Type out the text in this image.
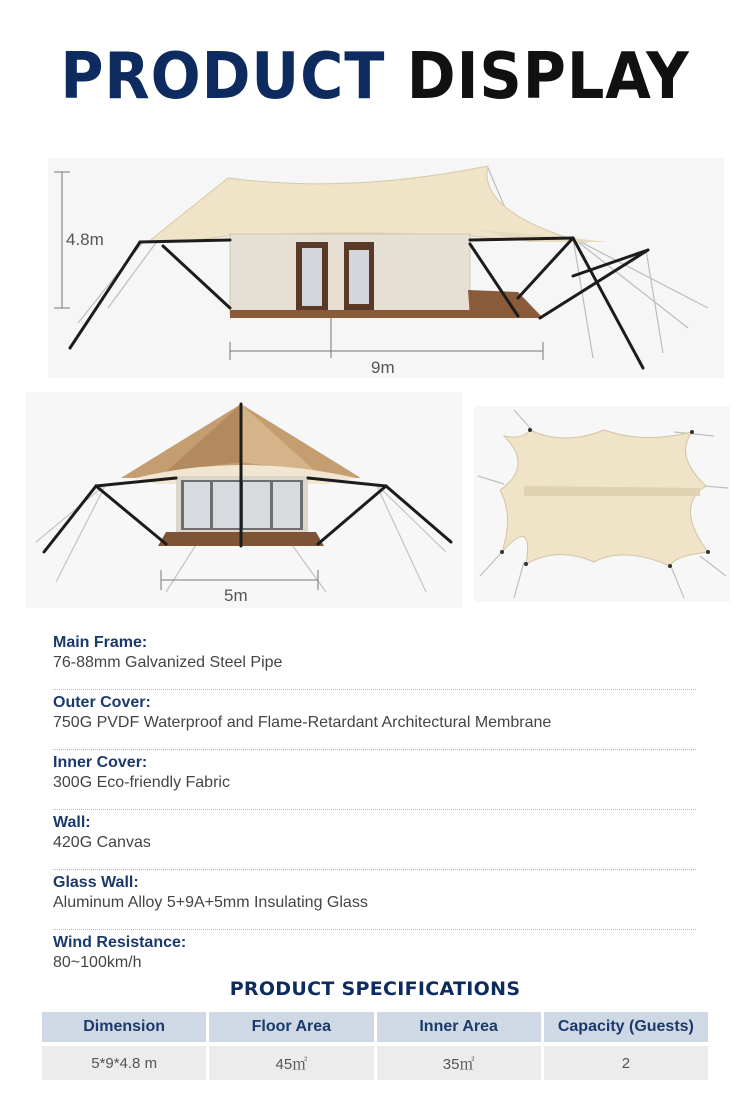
PRODUCT DISPLAY
4.8m
9m
5m
Main Frame:
76-88mm Galvanized Steel Pipe
Outer Cover:
750G PVDF Waterproof and Flame-Retardant Architectural Membrane
Inner Cover:
300G Eco-friendly Fabric
Wall:
420G Canvas
Glass Wall:
Aluminum Alloy 5+9A+5mm Insulating Glass
Wind Resistance:
80~100km/h
PRODUCT SPECIFICATIONS
Dimension	Floor Area	Inner Area	Capacity (Guests)
5*9*4.8 m	45㎡	35㎡	2
